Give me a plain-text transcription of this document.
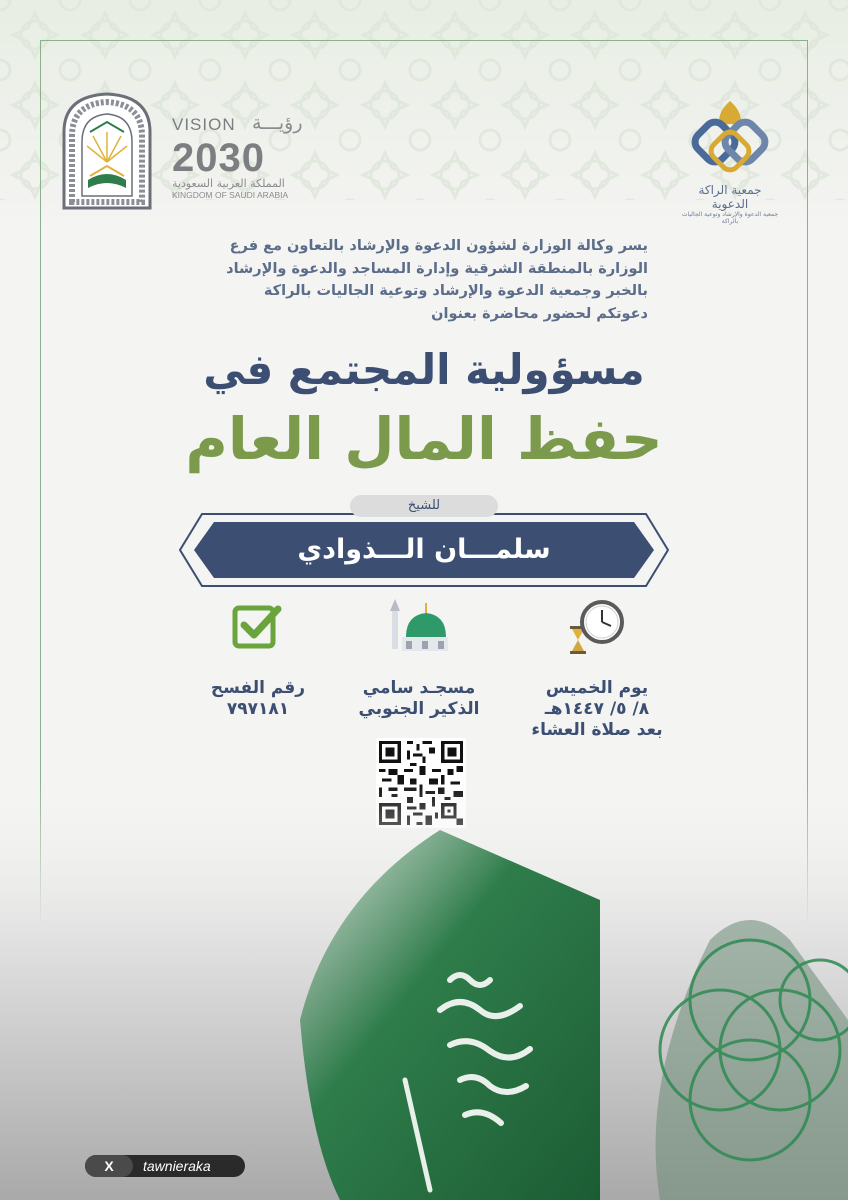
VISION رؤيـــة
2030
المملكة العربية السعودية
KINGDOM OF SAUDI ARABIA	جمعية الراكة الدعوية
جمعية الدعوة والإرشاد وتوعية الجاليات بالراكة

يسر وكالة الوزارة لشؤون الدعوة والإرشاد بالتعاون مع فرع

الوزارة بالمنطقة الشرقية وإدارة المساجد والدعوة والإرشاد

بالخبر وجمعية الدعوة والإرشاد وتوعية الجاليات بالراكة

دعوتكم لحضور محاضرة بعنوان

مسؤولية المجتمع في
حفظ المال العام
للشيخ
سلمـــان الـــذوادي
رقم الفسح
٧٩٧١٨١
مسجـد سامي
الذكير الجنوبي
يوم الخميس
٨/ ٥/ ١٤٤٧هـ
بعد صلاة العشاء
X	tawnieraka
